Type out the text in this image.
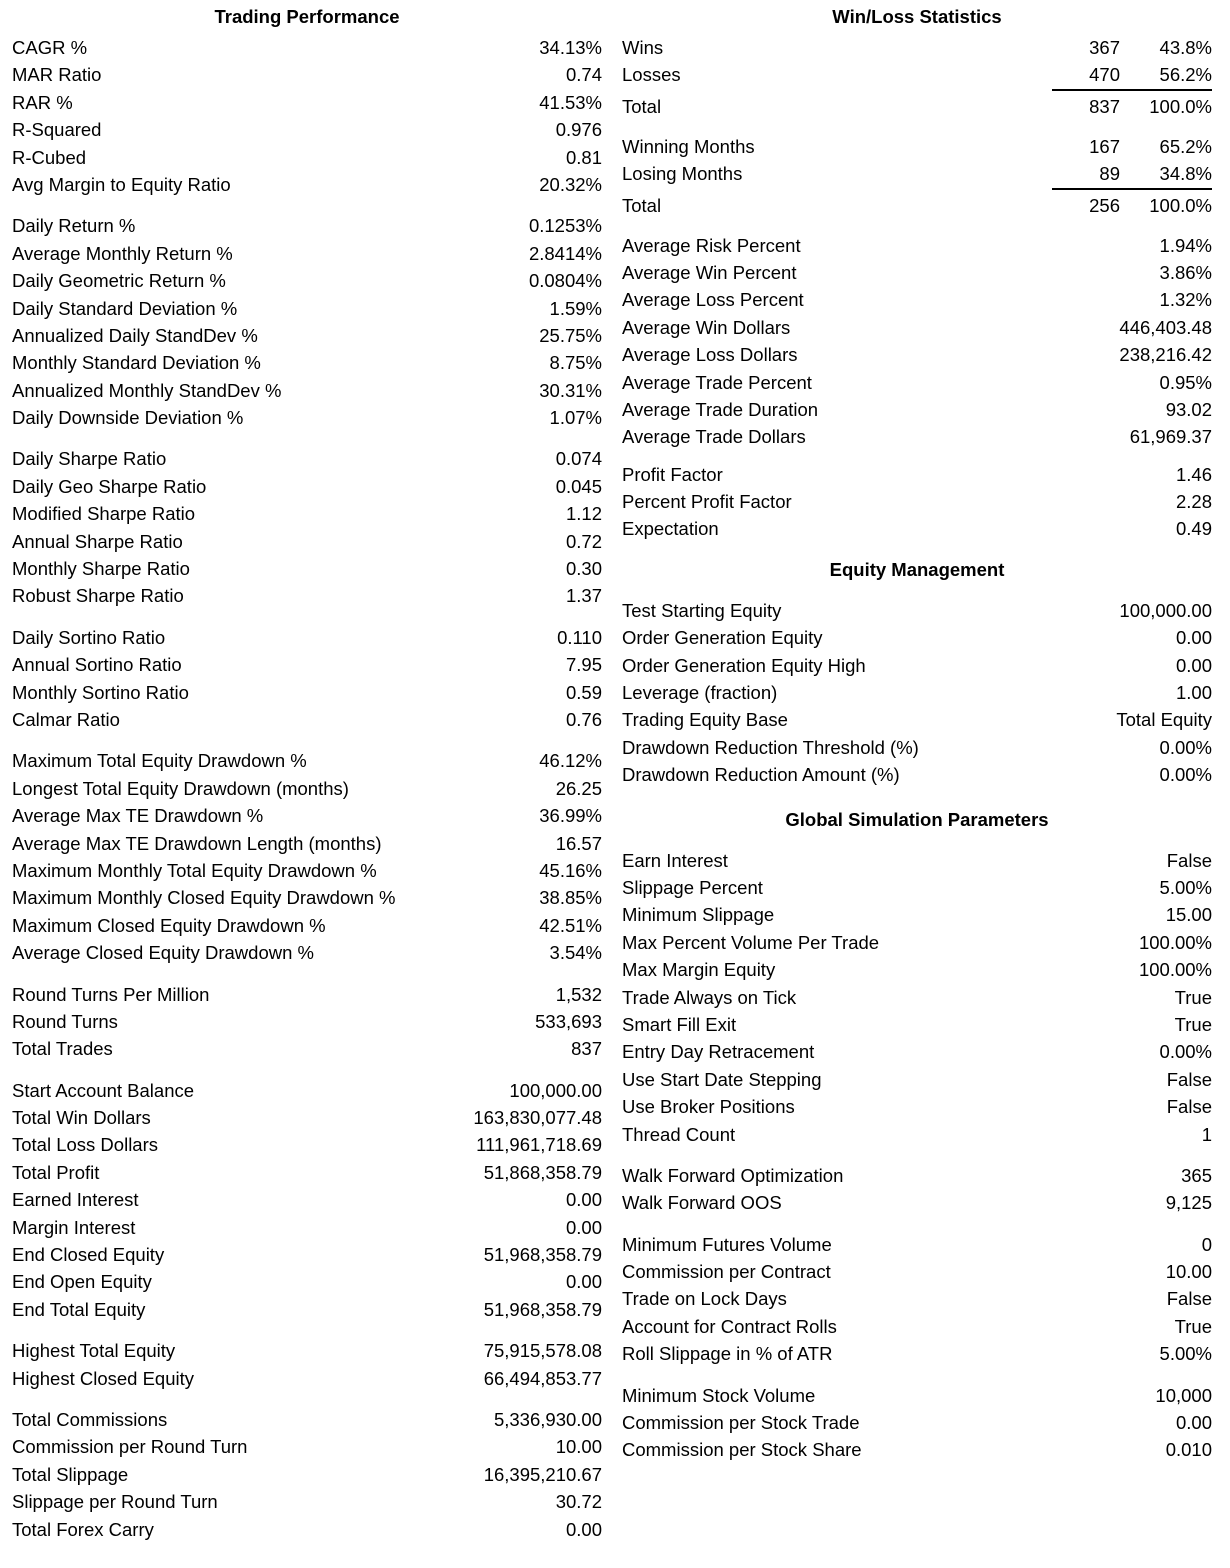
Trading Performance
CAGR %	34.13%
MAR Ratio	0.74
RAR %	41.53%
R-Squared	0.976
R-Cubed	0.81
Avg Margin to Equity Ratio	20.32%
Daily Return %	0.1253%
Average Monthly Return %	2.8414%
Daily Geometric Return %	0.0804%
Daily Standard Deviation %	1.59%
Annualized Daily StandDev %	25.75%
Monthly Standard Deviation %	8.75%
Annualized Monthly StandDev %	30.31%
Daily Downside Deviation %	1.07%
Daily Sharpe Ratio	0.074
Daily Geo Sharpe Ratio	0.045
Modified Sharpe Ratio	1.12
Annual Sharpe Ratio	0.72
Monthly Sharpe Ratio	0.30
Robust Sharpe Ratio	1.37
Daily Sortino Ratio	0.110
Annual Sortino Ratio	7.95
Monthly Sortino Ratio	0.59
Calmar Ratio	0.76
Maximum Total Equity Drawdown %	46.12%
Longest Total Equity Drawdown (months)	26.25
Average Max TE Drawdown %	36.99%
Average Max TE Drawdown Length (months)	16.57
Maximum Monthly Total Equity Drawdown %	45.16%
Maximum Monthly Closed Equity Drawdown %	38.85%
Maximum Closed Equity Drawdown %	42.51%
Average Closed Equity Drawdown %	3.54%
Round Turns Per Million	1,532
Round Turns	533,693
Total Trades	837
Start Account Balance	100,000.00
Total Win Dollars	163,830,077.48
Total Loss Dollars	111,961,718.69
Total Profit	51,868,358.79
Earned Interest	0.00
Margin Interest	0.00
End Closed Equity	51,968,358.79
End Open Equity	0.00
End Total Equity	51,968,358.79
Highest Total Equity	75,915,578.08
Highest Closed Equity	66,494,853.77
Total Commissions	5,336,930.00
Commission per Round Turn	10.00
Total Slippage	16,395,210.67
Slippage per Round Turn	30.72
Total Forex Carry	0.00
Win/Loss Statistics
Wins	367	43.8%
Losses	470	56.2%
Total	837	100.0%
Winning Months	167	65.2%
Losing Months	89	34.8%
Total	256	100.0%
Average Risk Percent	1.94%
Average Win Percent	3.86%
Average Loss Percent	1.32%
Average Win Dollars	446,403.48
Average Loss Dollars	238,216.42
Average Trade Percent	0.95%
Average Trade Duration	93.02
Average Trade Dollars	61,969.37
Profit Factor	1.46
Percent Profit Factor	2.28
Expectation	0.49
Equity Management
Test Starting Equity	100,000.00
Order Generation Equity	0.00
Order Generation Equity High	0.00
Leverage (fraction)	1.00
Trading Equity Base	Total Equity
Drawdown Reduction Threshold (%)	0.00%
Drawdown Reduction Amount (%)	0.00%
Global Simulation Parameters
Earn Interest	False
Slippage Percent	5.00%
Minimum Slippage	15.00
Max Percent Volume Per Trade	100.00%
Max Margin Equity	100.00%
Trade Always on Tick	True
Smart Fill Exit	True
Entry Day Retracement	0.00%
Use Start Date Stepping	False
Use Broker Positions	False
Thread Count	1
Walk Forward Optimization	365
Walk Forward OOS	9,125
Minimum Futures Volume	0
Commission per Contract	10.00
Trade on Lock Days	False
Account for Contract Rolls	True
Roll Slippage in % of ATR	5.00%
Minimum Stock Volume	10,000
Commission per Stock Trade	0.00
Commission per Stock Share	0.010
